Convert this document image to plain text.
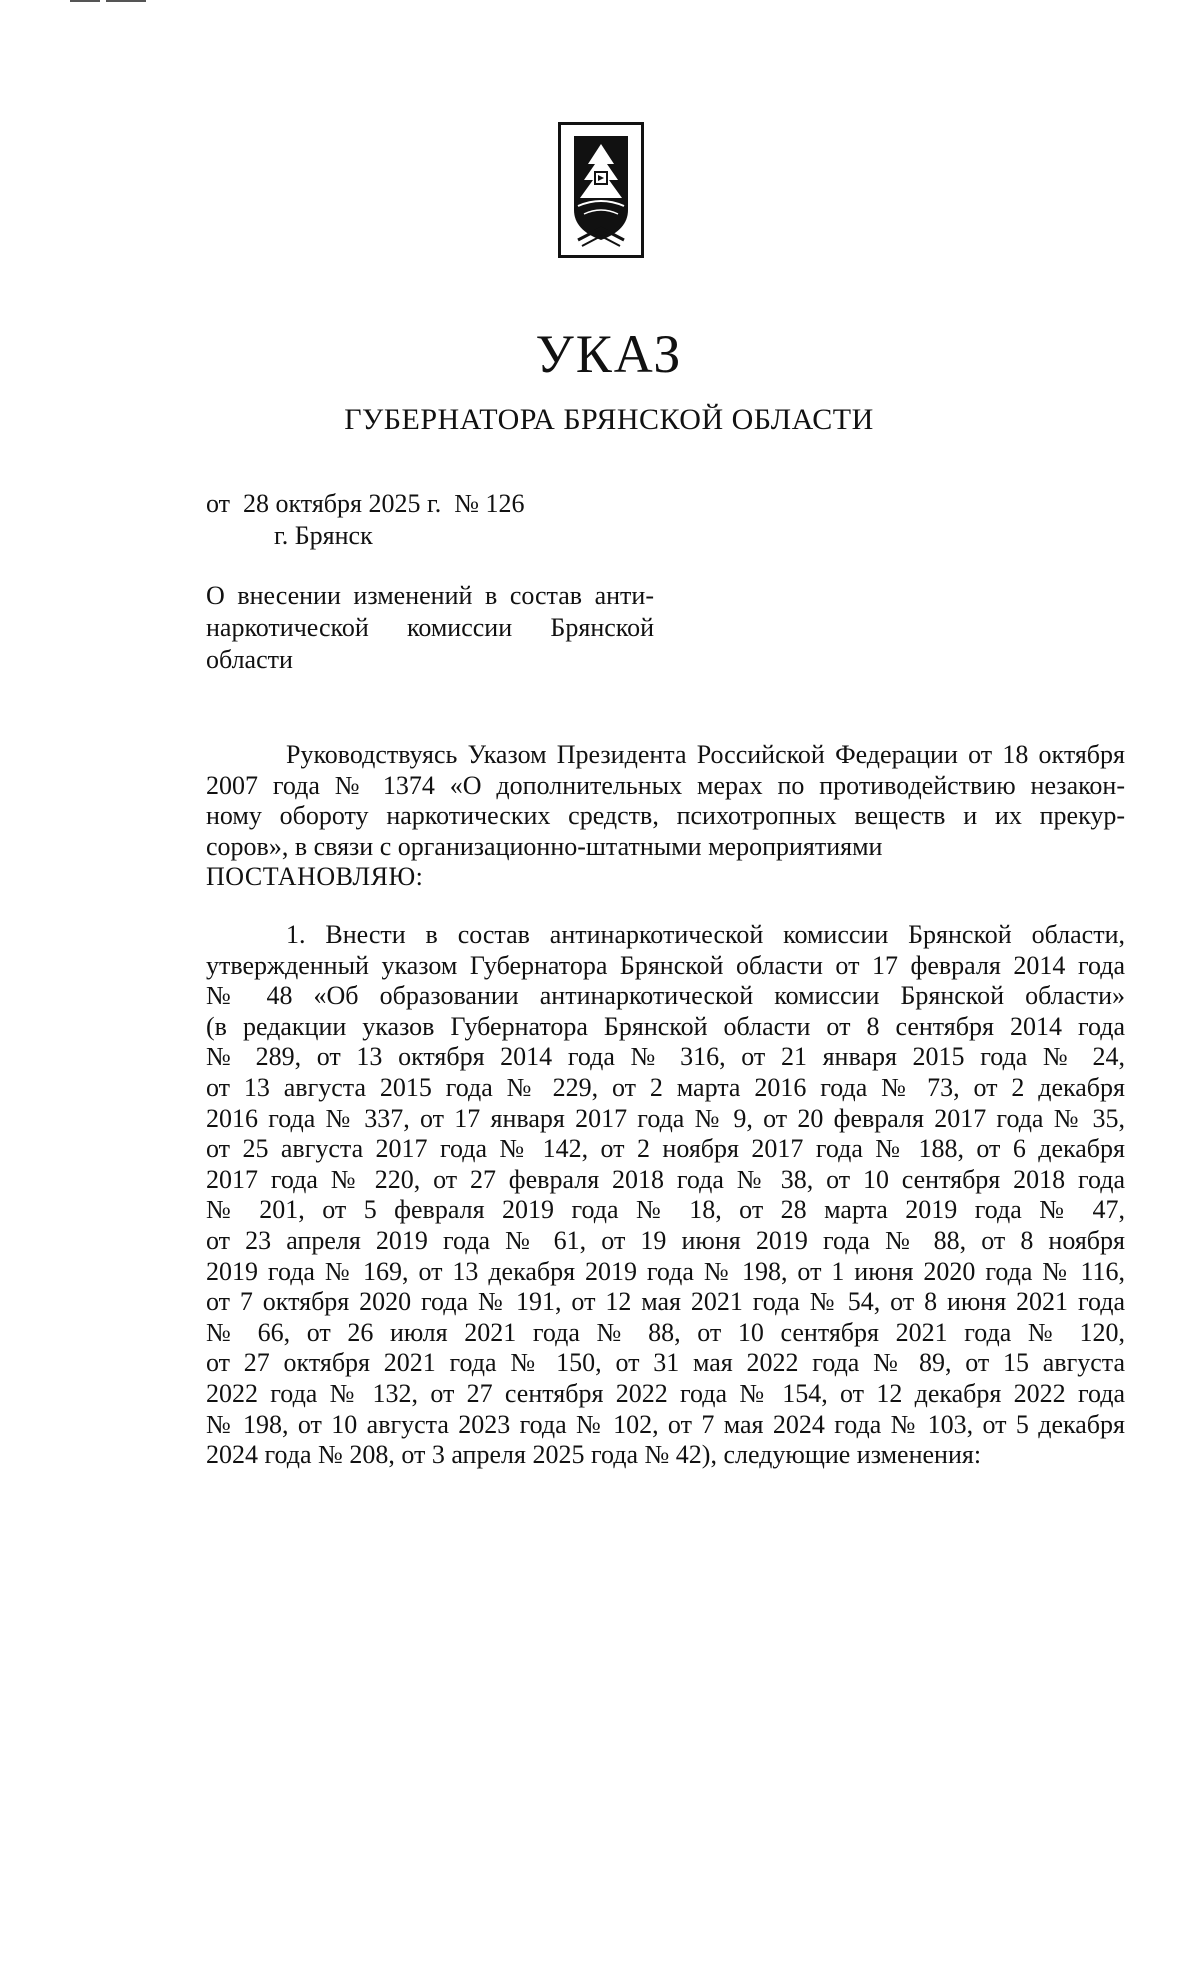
УКАЗ
ГУБЕРНАТОРА БРЯНСКОЙ ОБЛАСТИ
от  28 октября 2025 г.  № 126
г. Брянск
О внесении изменений в состав анти-
наркотической комиссии Брянской
области
Руководствуясь Указом Президента Российской Федерации от 18 октября
2007 года № 1374 «О дополнительных мерах по противодействию незакон-
ному обороту наркотических средств, психотропных веществ и их прекур-
соров», в связи с организационно-штатными мероприятиями
ПОСТАНОВЛЯЮ:
1. Внести в состав антинаркотической комиссии Брянской области,
утвержденный указом Губернатора Брянской области от 17 февраля 2014 года
№ 48 «Об образовании антинаркотической комиссии Брянской области»
(в редакции указов Губернатора Брянской области от 8 сентября 2014 года
№ 289, от 13 октября 2014 года № 316, от 21 января 2015 года № 24,
от 13 августа 2015 года № 229, от 2 марта 2016 года № 73, от 2 декабря
2016 года № 337, от 17 января 2017 года № 9, от 20 февраля 2017 года № 35,
от 25 августа 2017 года № 142, от 2 ноября 2017 года № 188, от 6 декабря
2017 года № 220, от 27 февраля 2018 года № 38, от 10 сентября 2018 года
№ 201, от 5 февраля 2019 года № 18, от 28 марта 2019 года № 47,
от 23 апреля 2019 года № 61, от 19 июня 2019 года № 88, от 8 ноября
2019 года № 169, от 13 декабря 2019 года № 198, от 1 июня 2020 года № 116,
от 7 октября 2020 года № 191, от 12 мая 2021 года № 54, от 8 июня 2021 года
№ 66, от 26 июля 2021 года № 88, от 10 сентября 2021 года № 120,
от 27 октября 2021 года № 150, от 31 мая 2022 года № 89, от 15 августа
2022 года № 132, от 27 сентября 2022 года № 154, от 12 декабря 2022 года
№ 198, от 10 августа 2023 года № 102, от 7 мая 2024 года № 103, от 5 декабря
2024 года № 208, от 3 апреля 2025 года № 42), следующие изменения:
